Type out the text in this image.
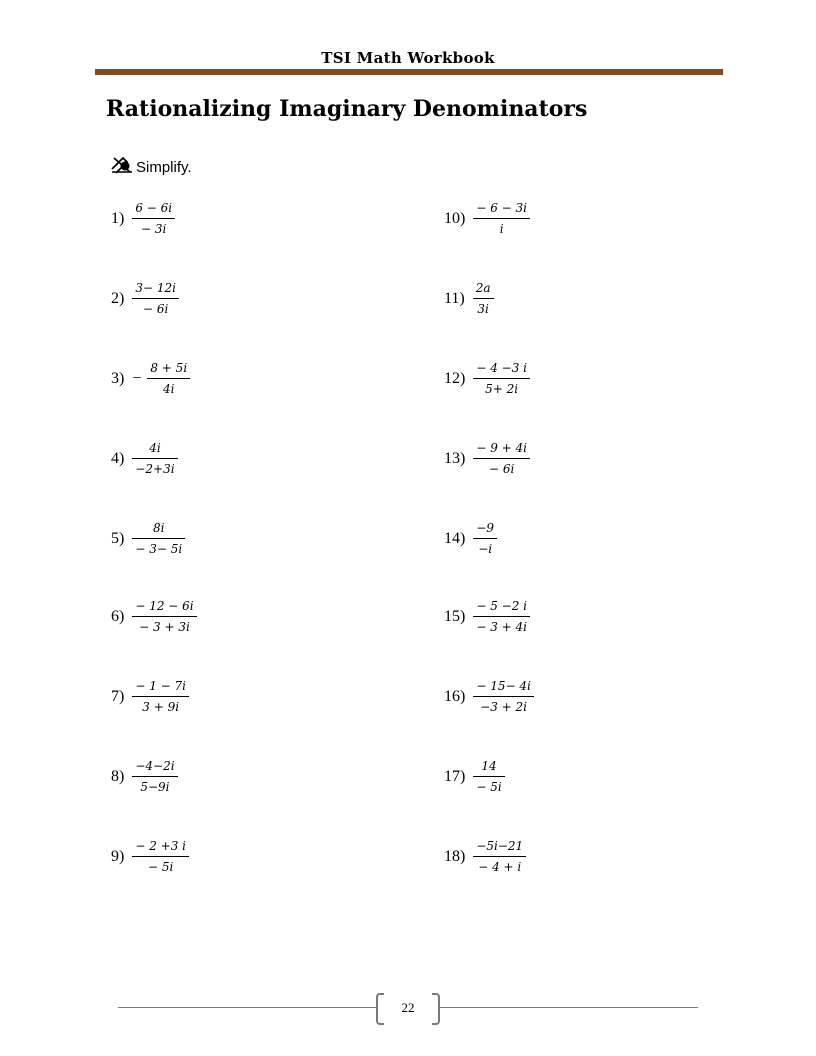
TSI Math Workbook
Rationalizing Imaginary Denominators
Simplify.
$1) \frac{6 - 6i}{- 3i}$
$2) \frac{3- 12i}{- 6i}$
$3) - \frac{8 + 5i}{4i}$
$4) \frac{4i}{-2+3i}$
$5) \frac{8i}{- 3- 5i}$
$6) \frac{- 12 - 6i}{- 3 + 3i}$
$7) \frac{- 1 - 7i}{3 + 9i}$
$8) \frac{-4-2i}{5-9i}$
$9) \frac{- 2 +3 i}{- 5i}$
$10) \frac{- 6 - 3i}{i}$
$11) \frac{2a}{3i}$
$12) \frac{- 4 -3 i}{5+ 2i}$
$13) \frac{- 9 + 4i}{- 6i}$
$14) \frac{-9}{-i}$
$15) \frac{- 5 -2 i}{- 3 + 4i}$
$16) \frac{- 15- 4i}{-3 + 2i}$
$17) \frac{14}{- 5i}$
$18) \frac{-5i-21}{- 4 + i}$
22
